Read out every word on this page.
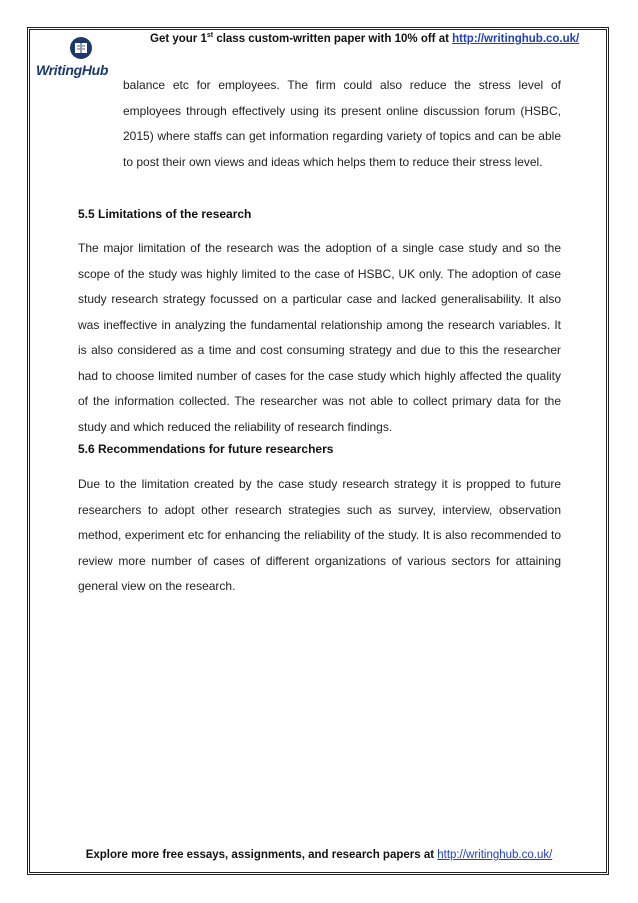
WritingHub
Get your 1st class custom-written paper with 10% off at http://writinghub.co.uk/
balance etc for employees. The firm could also reduce the stress level of employees through effectively using its present online discussion forum (HSBC, 2015) where staffs can get information regarding variety of topics and can be able to post their own views and ideas which helps them to reduce their stress level.
5.5 Limitations of the research
The major limitation of the research was the adoption of a single case study and so the scope of the study was highly limited to the case of HSBC, UK only. The adoption of case study research strategy focussed on a particular case and lacked generalisability. It also was ineffective in analyzing the fundamental relationship among the research variables. It is also considered as a time and cost consuming strategy and due to this the researcher had to choose limited number of cases for the case study which highly affected the quality of the information collected. The researcher was not able to collect primary data for the study and which reduced the reliability of research findings.
5.6 Recommendations for future researchers
Due to the limitation created by the case study research strategy it is propped to future researchers to adopt other research strategies such as survey, interview, observation method, experiment etc for enhancing the reliability of the study. It is also recommended to review more number of cases of different organizations of various sectors for attaining general view on the research.
Explore more free essays, assignments, and research papers at http://writinghub.co.uk/
